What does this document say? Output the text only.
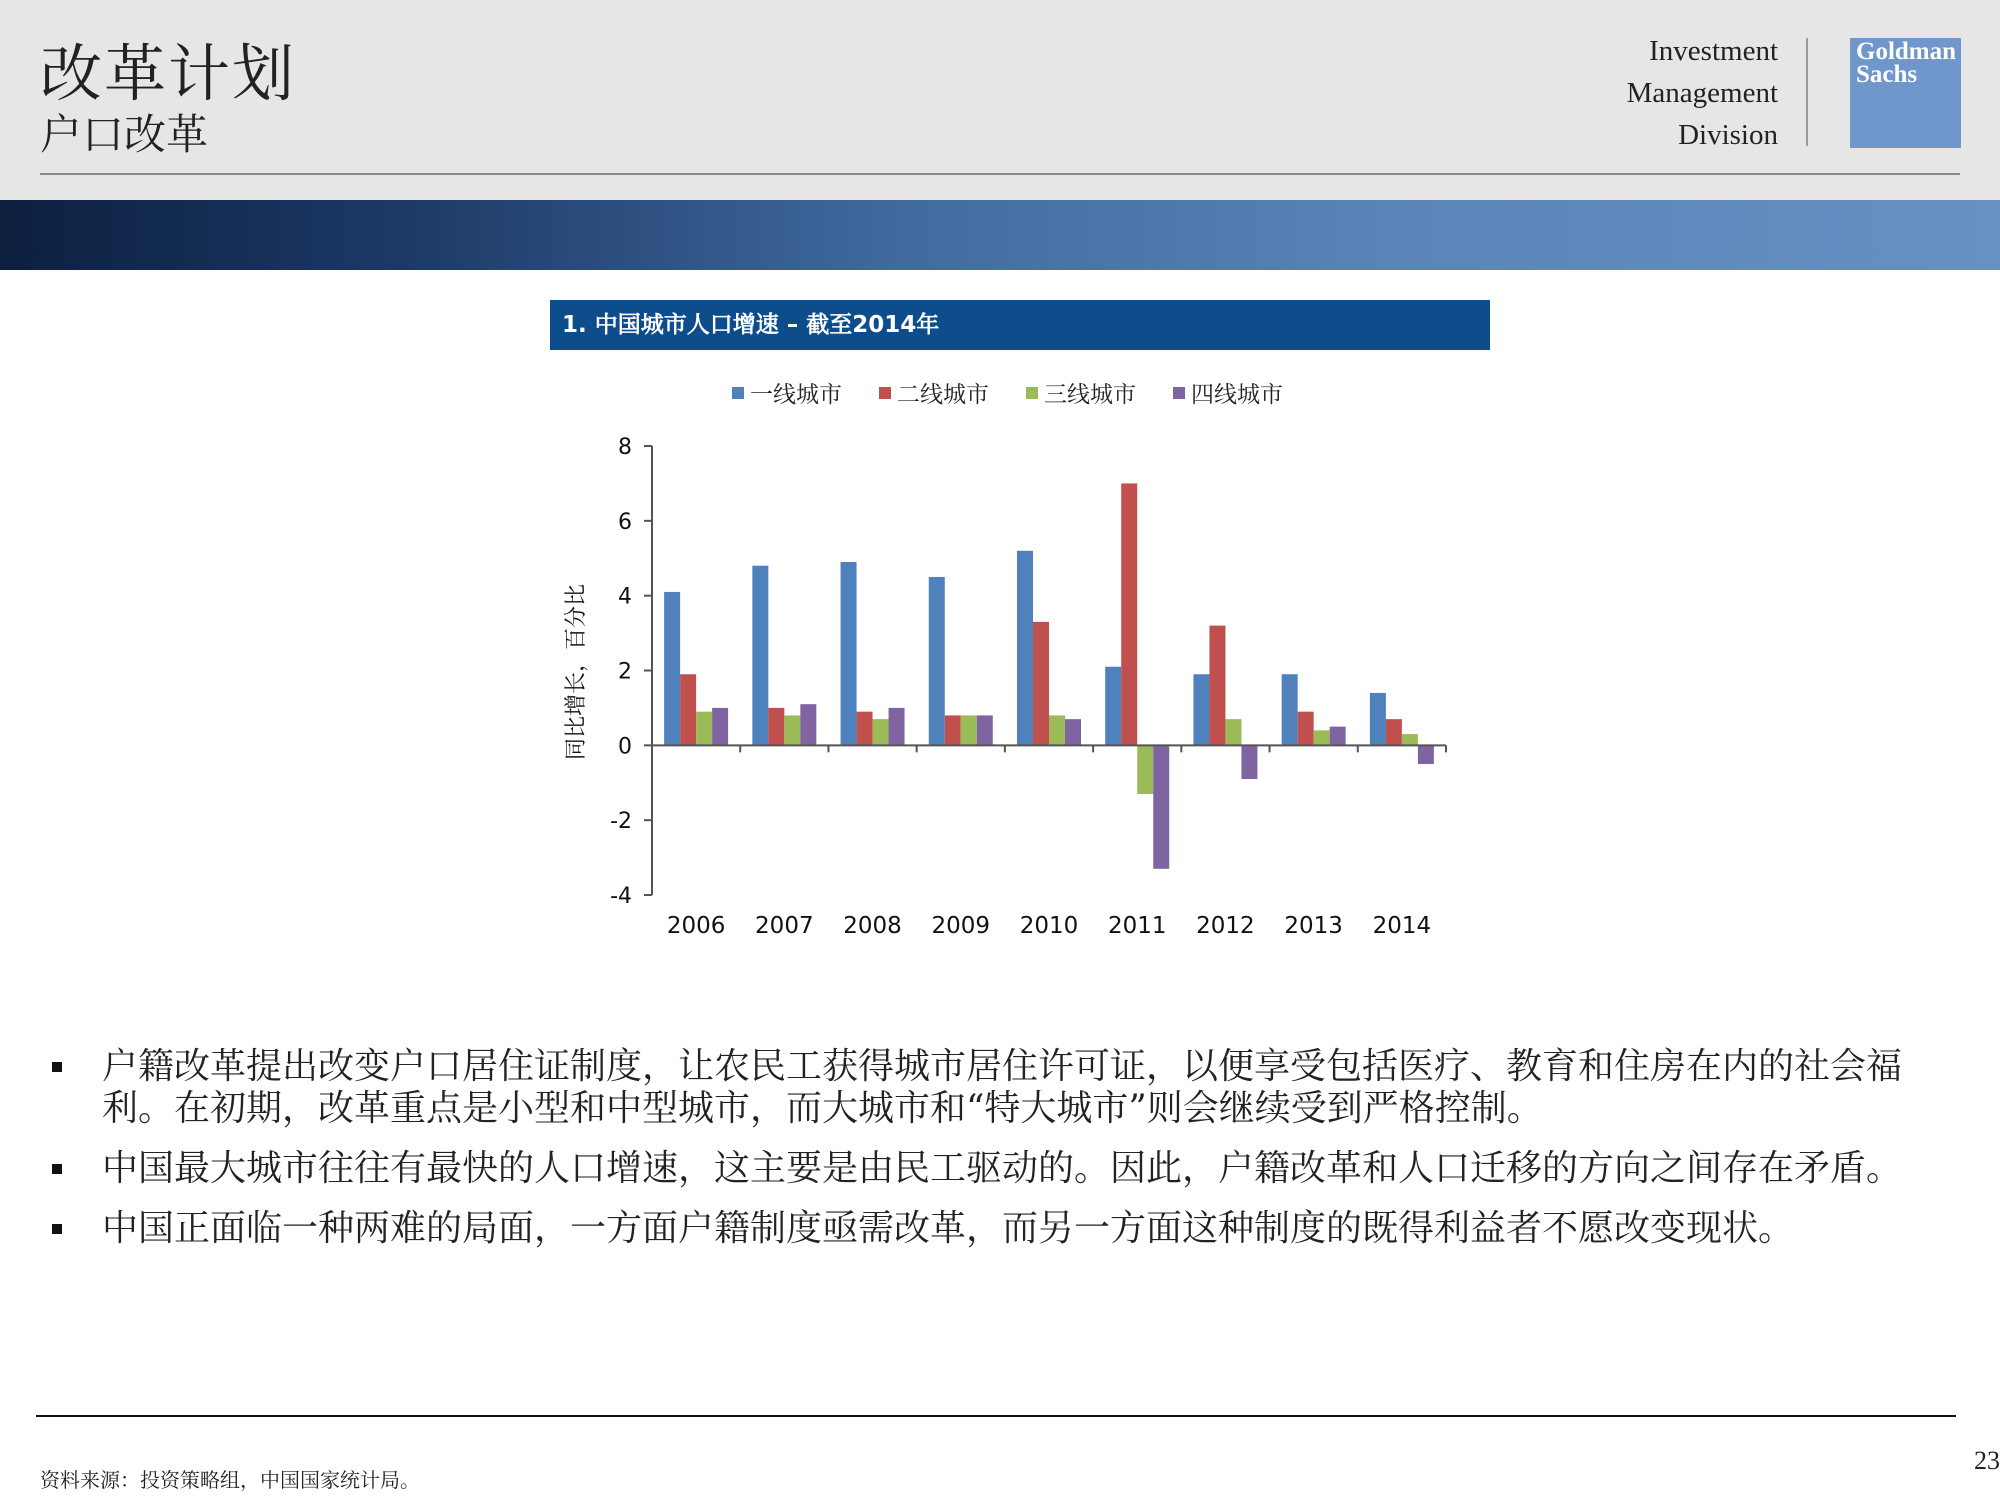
改革计划
户口改革
Investment
Management
Division
Goldman
Sachs
1. 中国城市人口增速 – 截至2014年
2006 2007 2008 2009 2010 2011 2012 2013 2014
8
6
4
2
0
-2
-4
同比增长，百分比
一线城市 二线城市 三线城市 四线城市
户籍改革提出改变户口居住证制度，让农民工获得城市居住许可证，以便享受包括医疗、教育和住房在内的社会福利。在初期，改革重点是小型和中型城市，而大城市和“特大城市”则会继续受到严格控制。
中国最大城市往往有最快的人口增速，这主要是由民工驱动的。因此，户籍改革和人口迁移的方向之间存在矛盾。
中国正面临一种两难的局面，一方面户籍制度亟需改革，而另一方面这种制度的既得利益者不愿改变现状。
资料来源：投资策略组，中国国家统计局。
23
